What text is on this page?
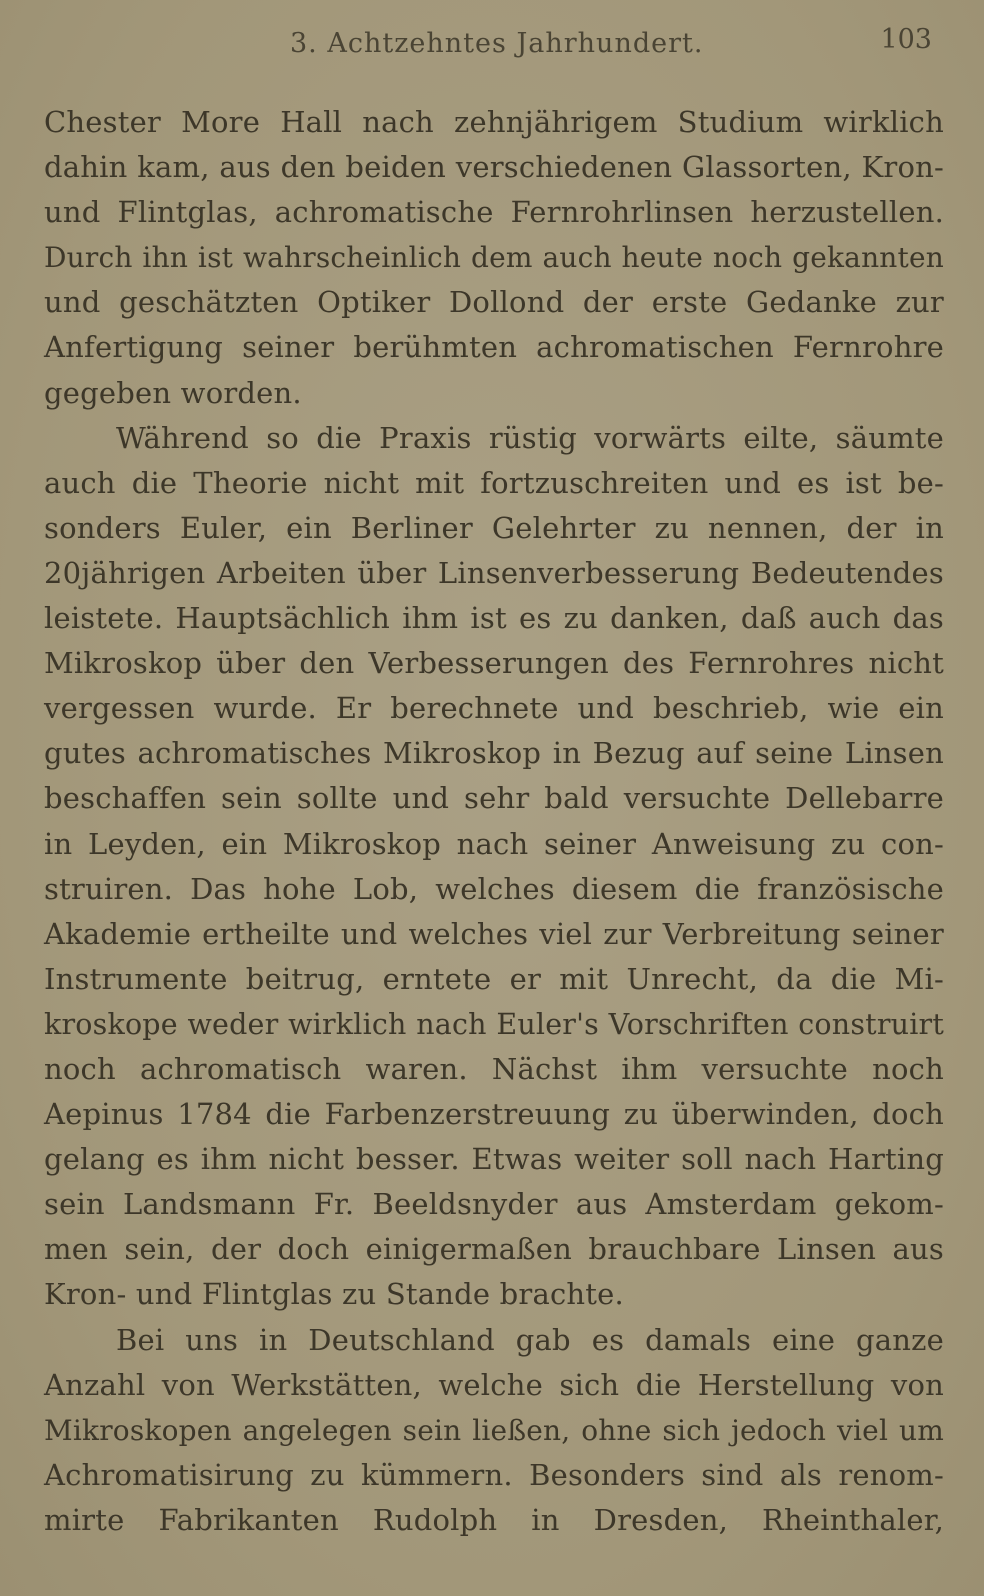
3. Achtzehntes Jahrhundert.	103
Chester More Hall nach zehnjährigem Studium wirklich
dahin kam, aus den beiden verschiedenen Glassorten, Kron-
und Flintglas, achromatische Fernrohrlinsen herzustellen.
Durch ihn ist wahrscheinlich dem auch heute noch gekannten
und geschätzten Optiker Dollond der erste Gedanke zur
Anfertigung seiner berühmten achromatischen Fernrohre
gegeben worden.
Während so die Praxis rüstig vorwärts eilte, säumte
auch die Theorie nicht mit fortzuschreiten und es ist be-
sonders Euler, ein Berliner Gelehrter zu nennen, der in
20jährigen Arbeiten über Linsenverbesserung Bedeutendes
leistete. Hauptsächlich ihm ist es zu danken, daß auch das
Mikroskop über den Verbesserungen des Fernrohres nicht
vergessen wurde. Er berechnete und beschrieb, wie ein
gutes achromatisches Mikroskop in Bezug auf seine Linsen
beschaffen sein sollte und sehr bald versuchte Dellebarre
in Leyden, ein Mikroskop nach seiner Anweisung zu con-
struiren. Das hohe Lob, welches diesem die französische
Akademie ertheilte und welches viel zur Verbreitung seiner
Instrumente beitrug, erntete er mit Unrecht, da die Mi-
kroskope weder wirklich nach Euler's Vorschriften construirt
noch achromatisch waren. Nächst ihm versuchte noch
Aepinus 1784 die Farbenzerstreuung zu überwinden, doch
gelang es ihm nicht besser. Etwas weiter soll nach Harting
sein Landsmann Fr. Beeldsnyder aus Amsterdam gekom-
men sein, der doch einigermaßen brauchbare Linsen aus
Kron- und Flintglas zu Stande brachte.
Bei uns in Deutschland gab es damals eine ganze
Anzahl von Werkstätten, welche sich die Herstellung von
Mikroskopen angelegen sein ließen, ohne sich jedoch viel um
Achromatisirung zu kümmern. Besonders sind als renom-
mirte Fabrikanten Rudolph in Dresden, Rheinthaler,
